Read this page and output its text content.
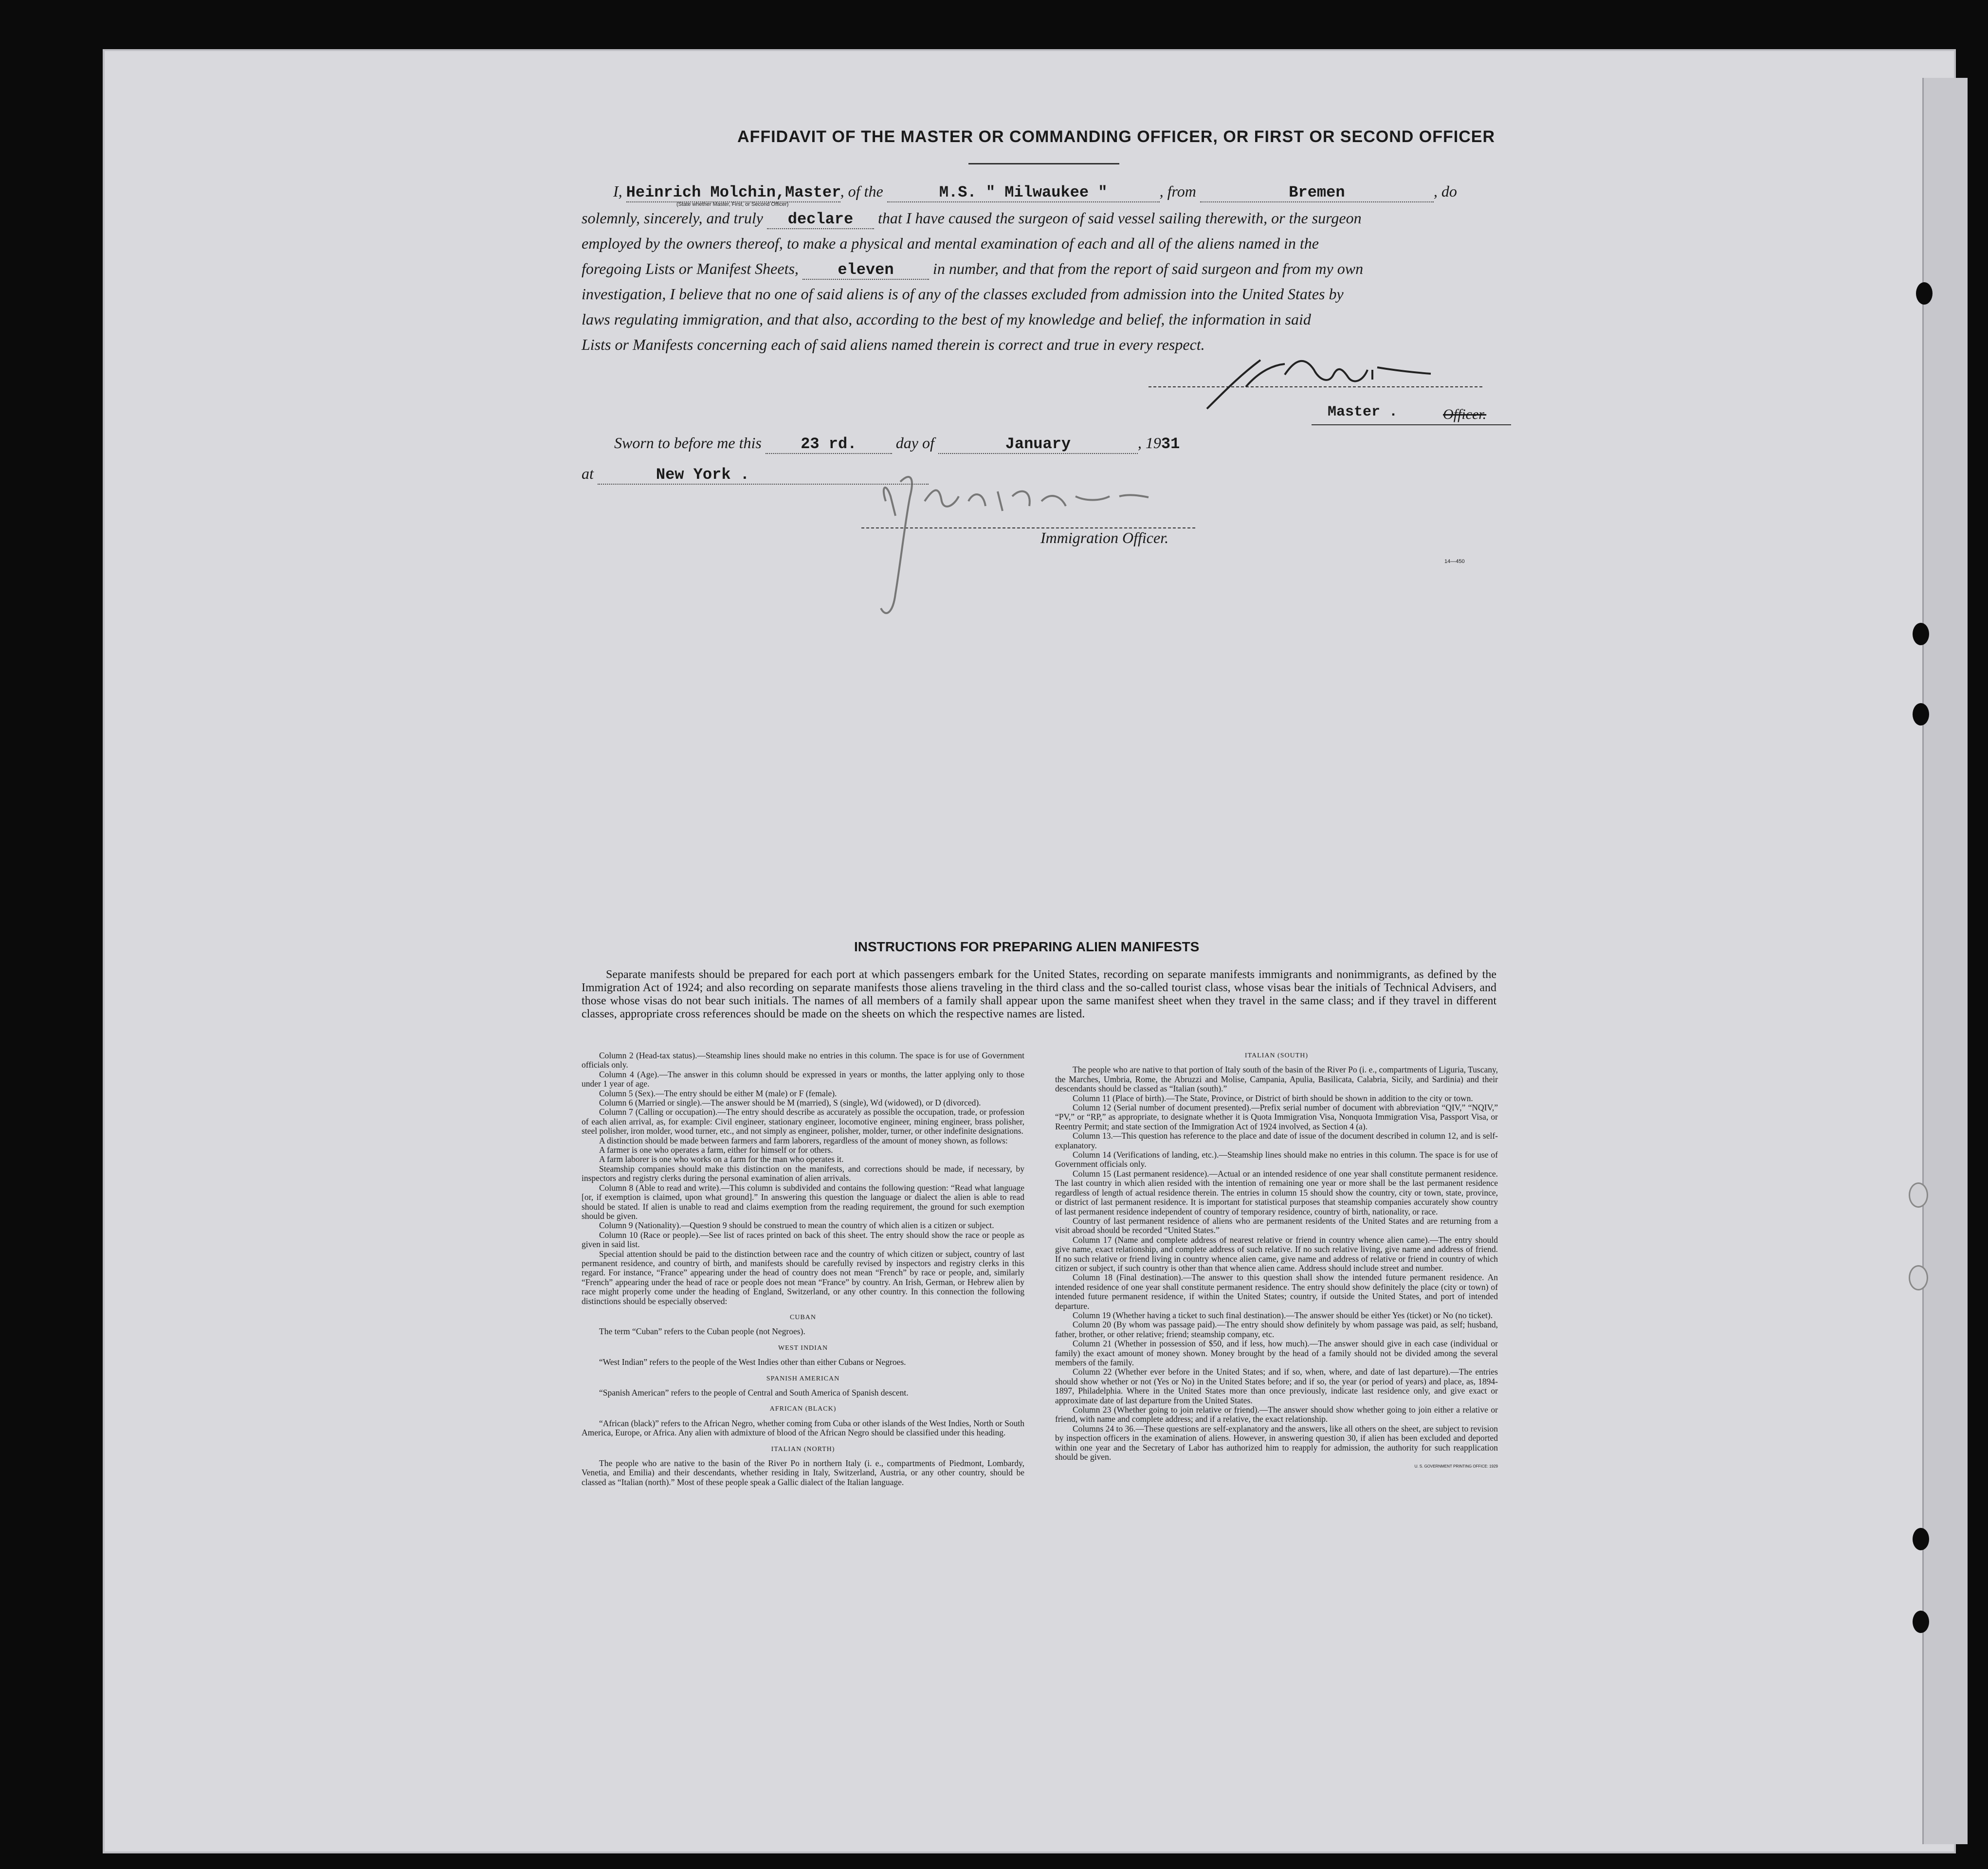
AFFIDAVIT OF THE MASTER OR COMMANDING OFFICER, OR FIRST OR SECOND OFFICER
I, Heinrich Molchin,Master, of the	M.S. " Milwaukee "	, from	Bremen	, do
(State whether Master, First, or Second Officer)
solemnly, sincerely, and truly declare that I have caused the surgeon of said vessel sailing therewith, or the surgeon
employed by the owners thereof, to make a physical and mental examination of each and all of the aliens named in the
foregoing Lists or Manifest Sheets,	eleven	in number, and that from the report of said surgeon and from my own
investigation, I believe that no one of said aliens is of any of the classes excluded from admission into the United States by
laws regulating immigration, and that also, according to the best of my knowledge and belief, the information in said
Lists or Manifests concerning each of said aliens named therein is correct and true in every respect.
Master .	Officer.
Sworn to before me this	23 rd.	day of	January	, 1931
at	New York .
Immigration Officer.
14—450
INSTRUCTIONS FOR PREPARING ALIEN MANIFESTS
Separate manifests should be prepared for each port at which passengers embark for the United States, recording on separate manifests immigrants and nonimmigrants, as defined by the Immigration Act of 1924; and also recording on separate manifests those aliens traveling in the third class and the so-called tourist class, whose visas bear the initials of Technical Advisers, and those whose visas do not bear such initials. The names of all members of a family shall appear upon the same manifest sheet when they travel in the same class; and if they travel in different classes, appropriate cross references should be made on the sheets on which the respective names are listed.

Column 2 (Head-tax status).—Steamship lines should make no entries in this column. The space is for use of Government officials only.

Column 4 (Age).—The answer in this column should be expressed in years or months, the latter applying only to those under 1 year of age.

Column 5 (Sex).—The entry should be either M (male) or F (female).

Column 6 (Married or single).—The answer should be M (married), S (single), Wd (widowed), or D (divorced).

Column 7 (Calling or occupation).—The entry should describe as accurately as possible the occupation, trade, or profession of each alien arrival, as, for example: Civil engineer, stationary engineer, locomotive engineer, mining engineer, brass polisher, steel polisher, iron molder, wood turner, etc., and not simply as engineer, polisher, molder, turner, or other indefinite designations.

A distinction should be made between farmers and farm laborers, regardless of the amount of money shown, as follows:

A farmer is one who operates a farm, either for himself or for others.

A farm laborer is one who works on a farm for the man who operates it.

Steamship companies should make this distinction on the manifests, and corrections should be made, if necessary, by inspectors and registry clerks during the personal examination of alien arrivals.

Column 8 (Able to read and write).—This column is subdivided and contains the following question: “Read what language [or, if exemption is claimed, upon what ground].” In answering this question the language or dialect the alien is able to read should be stated. If alien is unable to read and claims exemption from the reading requirement, the ground for such exemption should be given.

Column 9 (Nationality).—Question 9 should be construed to mean the country of which alien is a citizen or subject.

Column 10 (Race or people).—See list of races printed on back of this sheet. The entry should show the race or people as given in said list.

Special attention should be paid to the distinction between race and the country of which citizen or subject, country of last permanent residence, and country of birth, and manifests should be carefully revised by inspectors and registry clerks in this regard. For instance, “France” appearing under the head of country does not mean “French” by race or people, and, similarly “French” appearing under the head of race or people does not mean “France” by country. An Irish, German, or Hebrew alien by race might properly come under the heading of England, Switzerland, or any other country. In this connection the following distinctions should be especially observed:

CUBAN

The term “Cuban” refers to the Cuban people (not Negroes).

WEST INDIAN

“West Indian” refers to the people of the West Indies other than either Cubans or Negroes.

SPANISH AMERICAN

“Spanish American” refers to the people of Central and South America of Spanish descent.

AFRICAN (BLACK)

“African (black)” refers to the African Negro, whether coming from Cuba or other islands of the West Indies, North or South America, Europe, or Africa. Any alien with admixture of blood of the African Negro should be classified under this heading.

ITALIAN (NORTH)

The people who are native to the basin of the River Po in northern Italy (i. e., compartments of Piedmont, Lombardy, Venetia, and Emilia) and their descendants, whether residing in Italy, Switzerland, Austria, or any other country, should be classed as “Italian (north).” Most of these people speak a Gallic dialect of the Italian language.

ITALIAN (SOUTH)

The people who are native to that portion of Italy south of the basin of the River Po (i. e., compartments of Liguria, Tuscany, the Marches, Umbria, Rome, the Abruzzi and Molise, Campania, Apulia, Basilicata, Calabria, Sicily, and Sardinia) and their descendants should be classed as “Italian (south).”

Column 11 (Place of birth).—The State, Province, or District of birth should be shown in addition to the city or town.

Column 12 (Serial number of document presented).—Prefix serial number of document with abbreviation “QIV,” “NQIV,” “PV,” or “RP,” as appropriate, to designate whether it is Quota Immigration Visa, Nonquota Immigration Visa, Passport Visa, or Reentry Permit; and state section of the Immigration Act of 1924 involved, as Section 4 (a).

Column 13.—This question has reference to the place and date of issue of the document described in column 12, and is self-explanatory.

Column 14 (Verifications of landing, etc.).—Steamship lines should make no entries in this column. The space is for use of Government officials only.

Column 15 (Last permanent residence).—Actual or an intended residence of one year shall constitute permanent residence. The last country in which alien resided with the intention of remaining one year or more shall be the last permanent residence regardless of length of actual residence therein. The entries in column 15 should show the country, city or town, state, province, or district of last permanent residence. It is important for statistical purposes that steamship companies accurately show country of last permanent residence independent of country of temporary residence, country of birth, nationality, or race.

Country of last permanent residence of aliens who are permanent residents of the United States and are returning from a visit abroad should be recorded “United States.”

Column 17 (Name and complete address of nearest relative or friend in country whence alien came).—The entry should give name, exact relationship, and complete address of such relative. If no such relative living, give name and address of friend. If no such relative or friend living in country whence alien came, give name and address of relative or friend in country of which citizen or subject, if such country is other than that whence alien came. Address should include street and number.

Column 18 (Final destination).—The answer to this question shall show the intended future permanent residence. An intended residence of one year shall constitute permanent residence. The entry should show definitely the place (city or town) of intended future permanent residence, if within the United States; country, if outside the United States, and port of intended departure.

Column 19 (Whether having a ticket to such final destination).—The answer should be either Yes (ticket) or No (no ticket).

Column 20 (By whom was passage paid).—The entry should show definitely by whom passage was paid, as self; husband, father, brother, or other relative; friend; steamship company, etc.

Column 21 (Whether in possession of $50, and if less, how much).—The answer should give in each case (individual or family) the exact amount of money shown. Money brought by the head of a family should not be divided among the several members of the family.

Column 22 (Whether ever before in the United States; and if so, when, where, and date of last departure).—The entries should show whether or not (Yes or No) in the United States before; and if so, the year (or period of years) and place, as, 1894-1897, Philadelphia. Where in the United States more than once previously, indicate last residence only, and give exact or approximate date of last departure from the United States.

Column 23 (Whether going to join relative or friend).—The answer should show whether going to join either a relative or friend, with name and complete address; and if a relative, the exact relationship.

Columns 24 to 36.—These questions are self-explanatory and the answers, like all others on the sheet, are subject to revision by inspection officers in the examination of aliens. However, in answering question 30, if alien has been excluded and deported within one year and the Secretary of Labor has authorized him to reapply for admission, the authority for such reapplication should be given.

U. S. GOVERNMENT PRINTING OFFICE: 1929
